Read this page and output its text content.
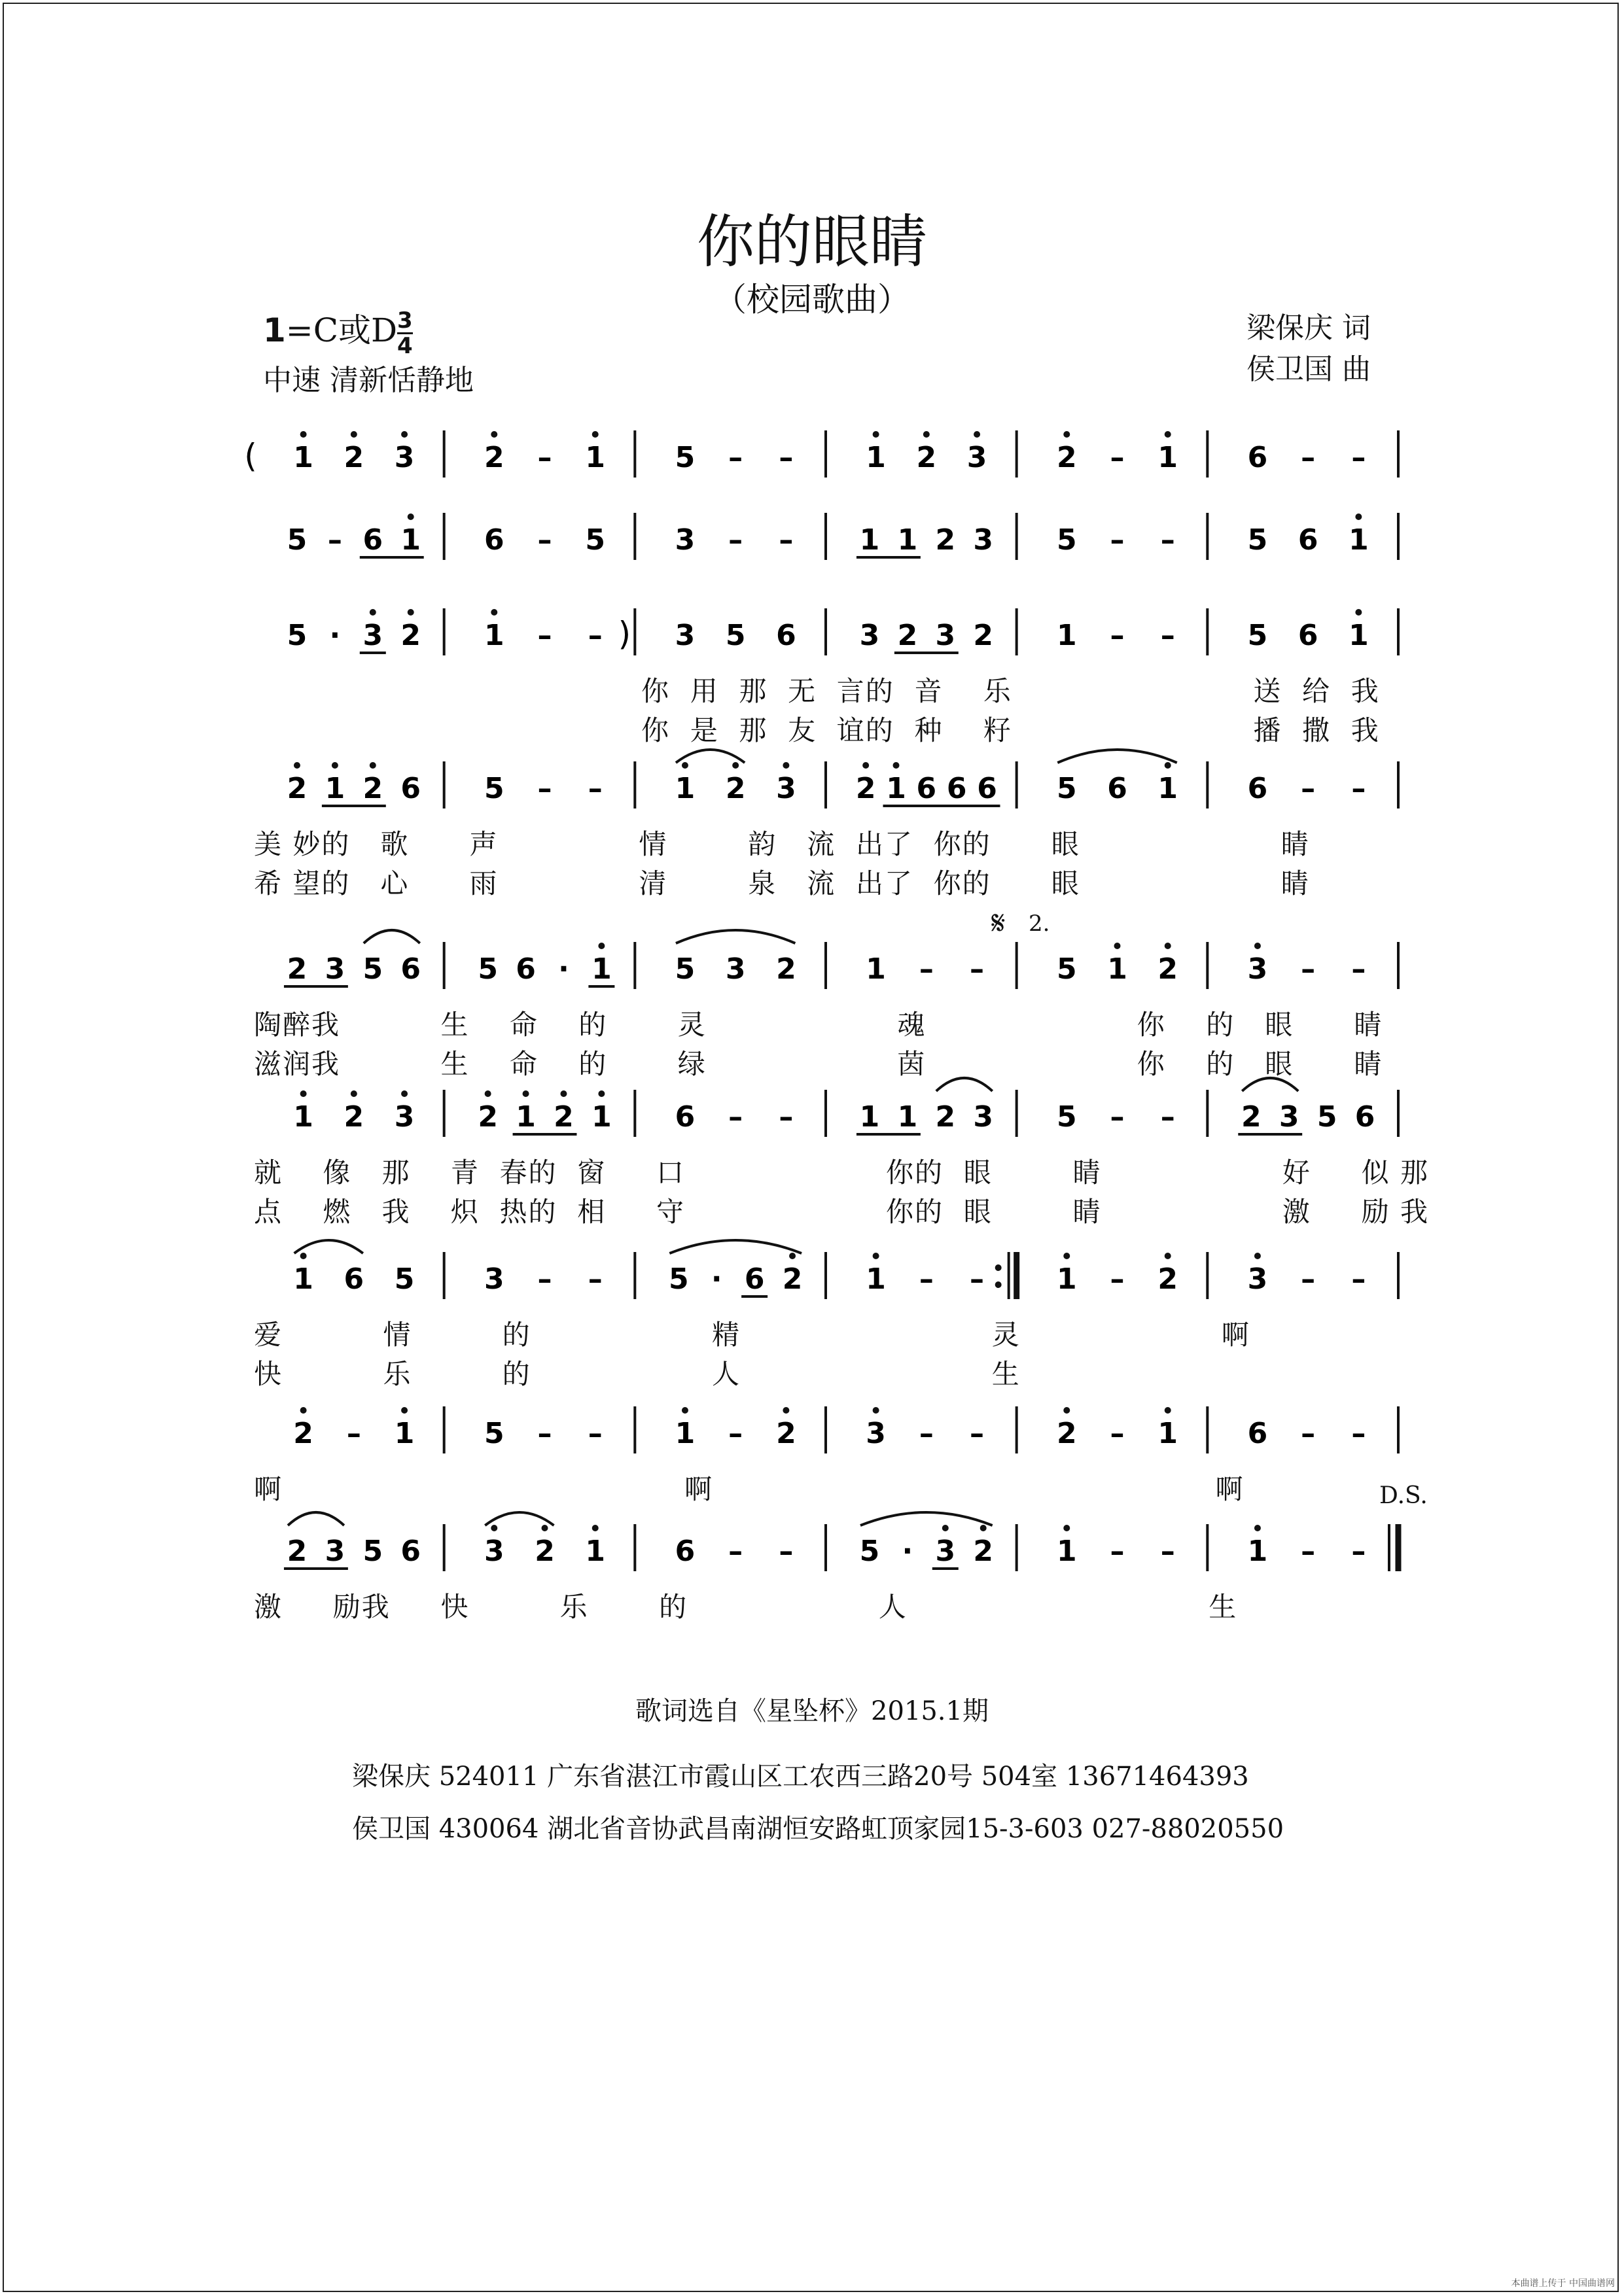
你的眼睛
（校园歌曲）
1=C或D $\frac{3}{4}$
中速 清新恬静地
梁保庆 词
侯卫国 曲
( 1 2 3 2 – 1 5 – –	1 2 3 2 – 1 6 – –
5 – 6 1 6 – 5 3 – – 1 1 2 3 5 – –	5 6 1
5 · 3 2 1 – – ) 3 5 6 3 2 3 2 1 – –	5 6 1
2 1 2 6 5 – –	1 2 3 2 1 6 6 6 5 6 1 6 – –
2 3 5 6 5 6 · 1 5 3 2 1 – –	5 1 2 3 – –
1 2 3 2 1 2 1 6 – – 1 1 2 3 5 – – 2 3 5 6
1 6 5 3 – – 5 · 6 2 1 – –	1 – 2 3 – –
2 – 1 5 – –	1 – 2 3 – –	2 – 1 6 – –
2 3 5 6 3 2 1 6 – – 5 · 3 2 1 – –	1 – –
你  用  那  无  言的  音    乐                        送  给  我
你  是  那  友  谊的  种    籽                        播  撒  我
美 妙的   歌      声              情        韵   流  出了  你的      眼                    睛
希 望的   心      雨              清        泉   流  出了  你的      眼                    睛
陶醉我          生    命    的       灵                   魂                     你    的   眼      睛
滋润我          生    命    的       绿                   茵                     你    的   眼      睛
就    像   那    青  春的  窗     口                    你的  眼        睛                  好     似 那
点    燃   我    炽  热的  相     守                    你的  眼        睛                  激     励 我
爱          情         的                  精                         灵                    啊
快          乐         的                  人                         生
啊                                        啊                                                  啊
激     励我     快         乐       的                   人                              生
𝄋 2.
D.S.
歌词选自《星坠杯》2015.1期
梁保庆 524011 广东省湛江市霞山区工农西三路20号 504室 13671464393
侯卫国 430064 湖北省音协武昌南湖恒安路虹顶家园15-3-603 027-88020550
本曲谱上传于 中国曲谱网
